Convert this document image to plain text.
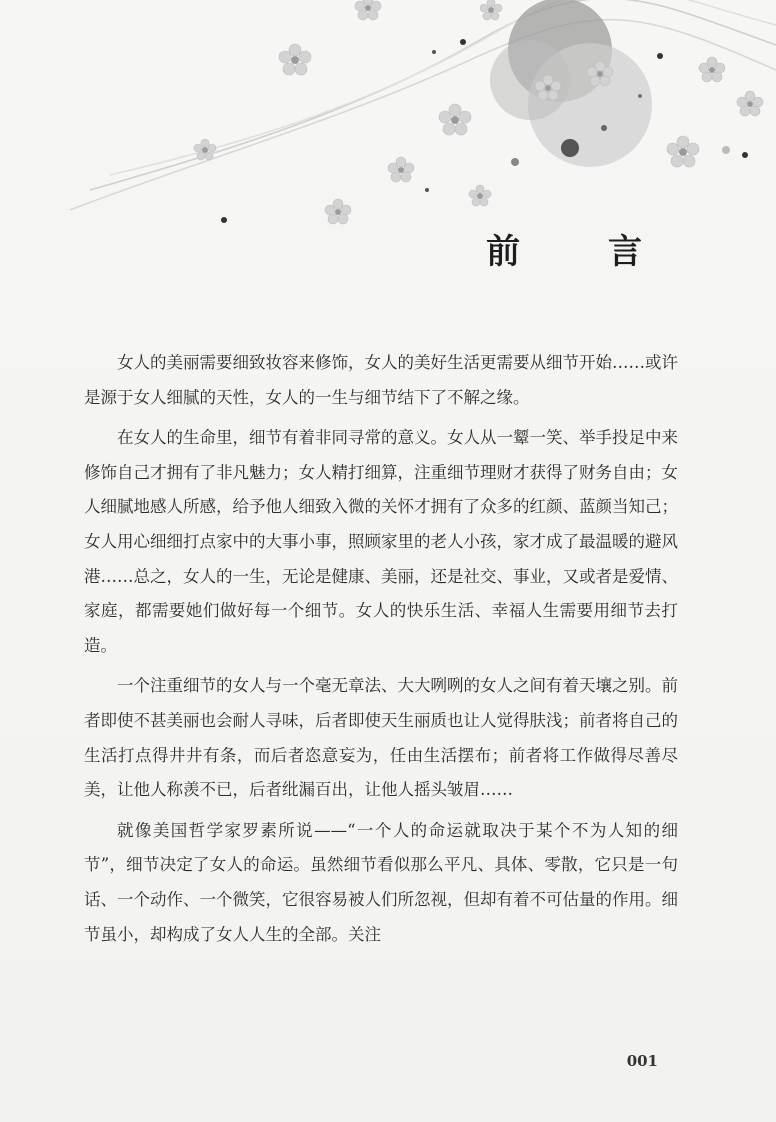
前 言

女人的美丽需要细致妆容来修饰，女人的美好生活更需要从细节开始……或许是源于女人细腻的天性，女人的一生与细节结下了不解之缘。

在女人的生命里，细节有着非同寻常的意义。女人从一颦一笑、举手投足中来修饰自己才拥有了非凡魅力；女人精打细算，注重细节理财才获得了财务自由；女人细腻地感人所感，给予他人细致入微的关怀才拥有了众多的红颜、蓝颜当知己；女人用心细细打点家中的大事小事，照顾家里的老人小孩，家才成了最温暖的避风港……总之，女人的一生，无论是健康、美丽，还是社交、事业，又或者是爱情、家庭，都需要她们做好每一个细节。女人的快乐生活、幸福人生需要用细节去打造。

一个注重细节的女人与一个毫无章法、大大咧咧的女人之间有着天壤之别。前者即使不甚美丽也会耐人寻味，后者即使天生丽质也让人觉得肤浅；前者将自己的生活打点得井井有条，而后者恣意妄为，任由生活摆布；前者将工作做得尽善尽美，让他人称羡不已，后者纰漏百出，让他人摇头皱眉……

就像美国哲学家罗素所说——“一个人的命运就取决于某个不为人知的细节”，细节决定了女人的命运。虽然细节看似那么平凡、具体、零散，它只是一句话、一个动作、一个微笑，它很容易被人们所忽视，但却有着不可估量的作用。细节虽小，却构成了女人人生的全部。关注

001
